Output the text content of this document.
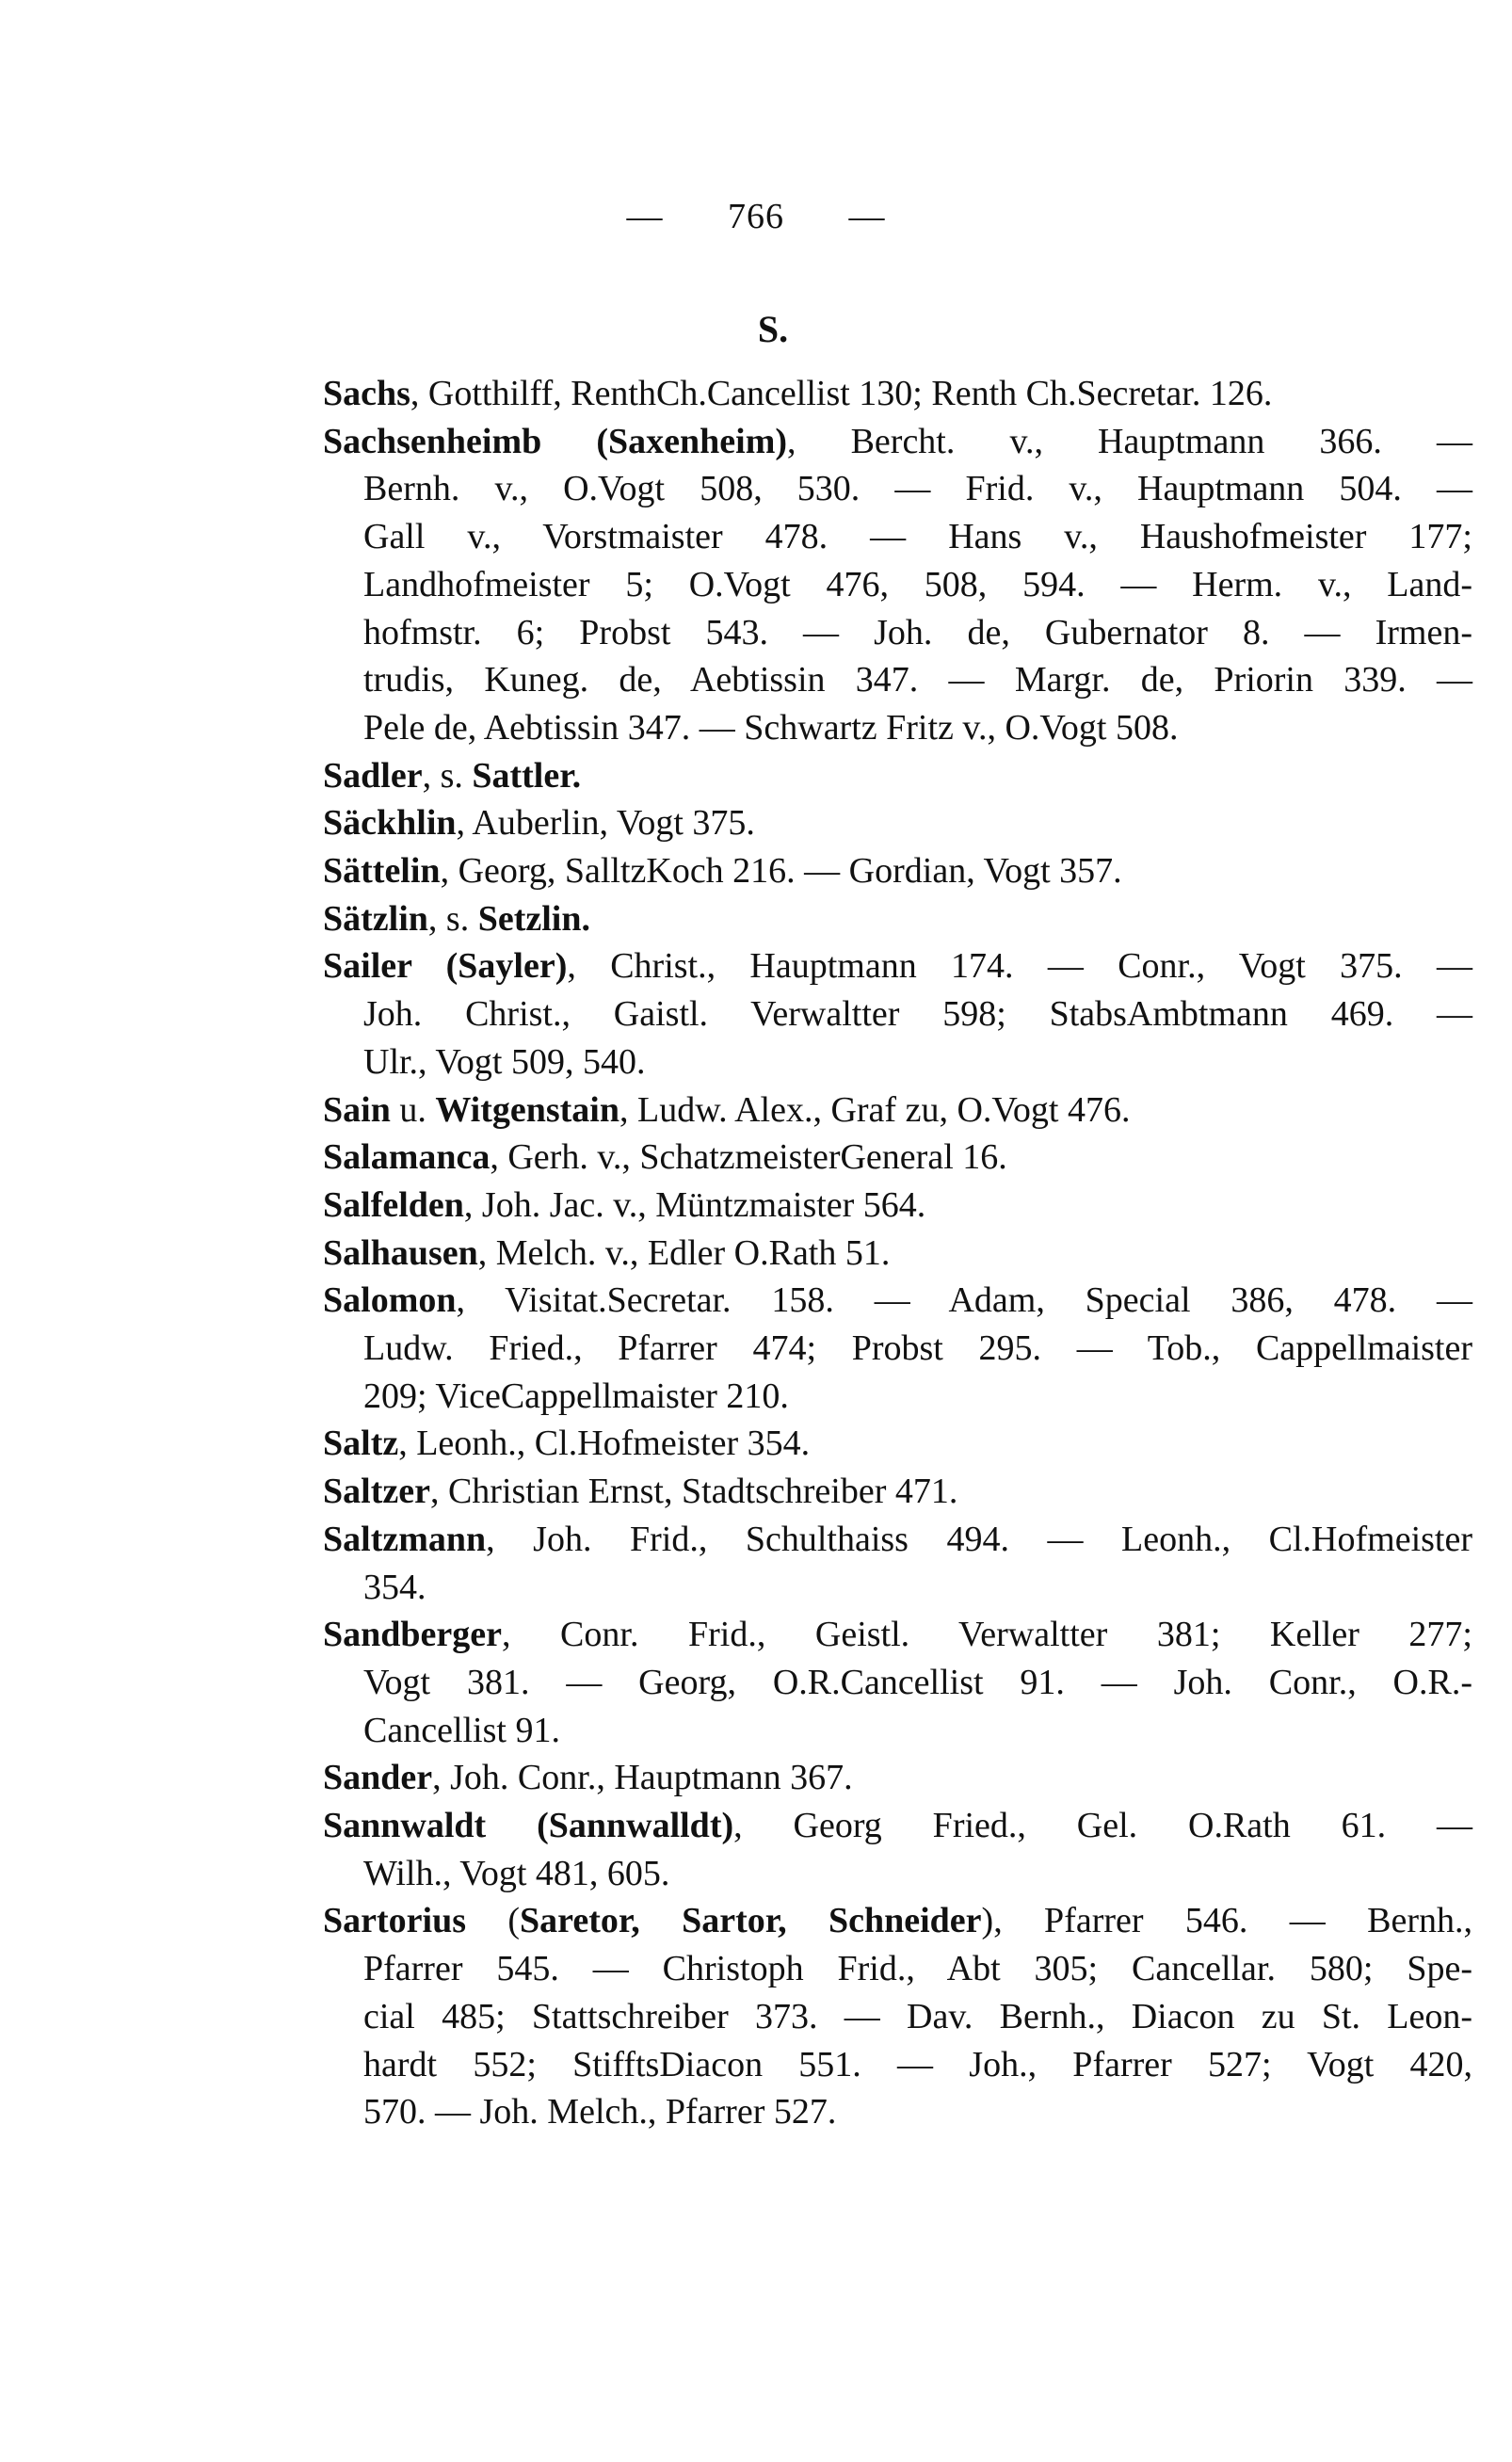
— 766 —
S.
Sachs, Gotthilff, RenthCh.Cancellist 130; Renth Ch.Secretar. 126.
Sachsenheimb (Saxenheim), Bercht. v., Hauptmann 366. —
Bernh. v., O.Vogt 508, 530. — Frid. v., Hauptmann 504. —
Gall v., Vorstmaister 478. — Hans v., Haushofmeister 177;
Landhofmeister 5; O.Vogt 476, 508, 594. — Herm. v., Land-
hofmstr. 6; Probst 543. — Joh. de, Gubernator 8. — Irmen-
trudis, Kuneg. de, Aebtissin 347. — Margr. de, Priorin 339. —
Pele de, Aebtissin 347. — Schwartz Fritz v., O.Vogt 508.
Sadler, s. Sattler.
Säckhlin, Auberlin, Vogt 375.
Sättelin, Georg, SalltzKoch 216. — Gordian, Vogt 357.
Sätzlin, s. Setzlin.
Sailer (Sayler), Christ., Hauptmann 174. — Conr., Vogt 375. —
Joh. Christ., Gaistl. Verwaltter 598; StabsAmbtmann 469. —
Ulr., Vogt 509, 540.
Sain u. Witgenstain, Ludw. Alex., Graf zu, O.Vogt 476.
Salamanca, Gerh. v., SchatzmeisterGeneral 16.
Salfelden, Joh. Jac. v., Müntzmaister 564.
Salhausen, Melch. v., Edler O.Rath 51.
Salomon, Visitat.Secretar. 158. — Adam, Special 386, 478. —
Ludw. Fried., Pfarrer 474; Probst 295. — Tob., Cappellmaister
209; ViceCappellmaister 210.
Saltz, Leonh., Cl.Hofmeister 354.
Saltzer, Christian Ernst, Stadtschreiber 471.
Saltzmann, Joh. Frid., Schulthaiss 494. — Leonh., Cl.Hofmeister
354.
Sandberger, Conr. Frid., Geistl. Verwaltter 381; Keller 277;
Vogt 381. — Georg, O.R.Cancellist 91. — Joh. Conr., O.R.-
Cancellist 91.
Sander, Joh. Conr., Hauptmann 367.
Sannwaldt (Sannwalldt), Georg Fried., Gel. O.Rath 61. —
Wilh., Vogt 481, 605.
Sartorius (Saretor, Sartor, Schneider), Pfarrer 546. — Bernh.,
Pfarrer 545. — Christoph Frid., Abt 305; Cancellar. 580; Spe-
cial 485; Stattschreiber 373. — Dav. Bernh., Diacon zu St. Leon-
hardt 552; StifftsDiacon 551. — Joh., Pfarrer 527; Vogt 420,
570. — Joh. Melch., Pfarrer 527.
